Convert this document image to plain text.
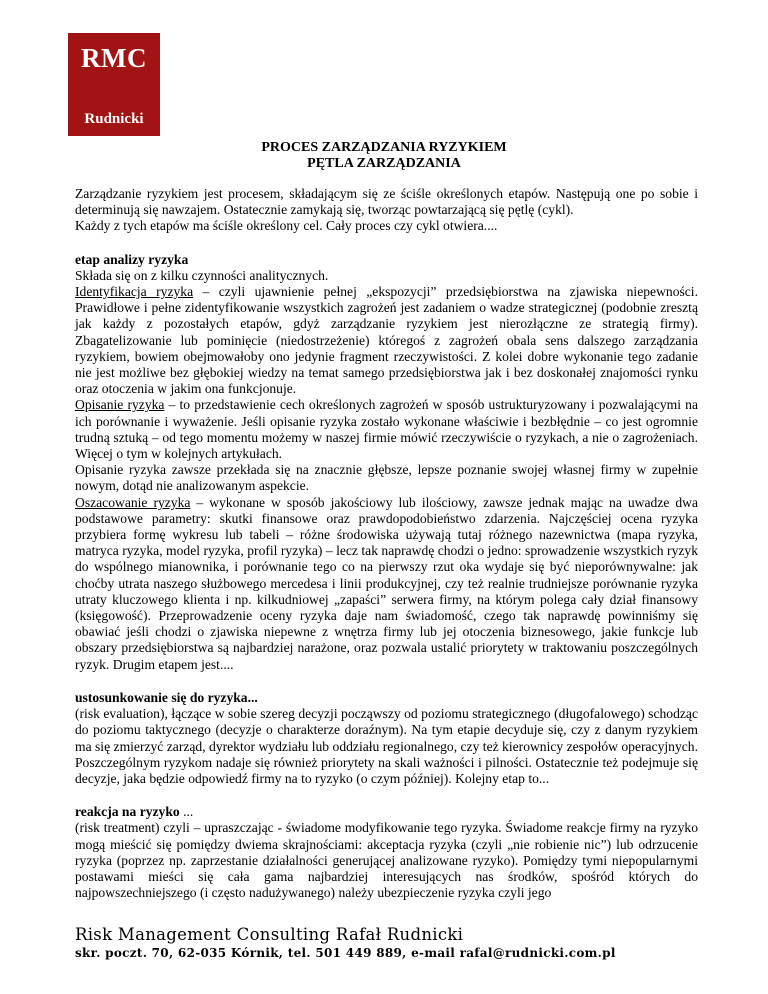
RMC
Rudnicki
PROCES ZARZĄDZANIA RYZYKIEM
PĘTLA ZARZĄDZANIA

Zarządzanie ryzykiem jest procesem, składającym się ze ściśle określonych etapów. Następują one po sobie i determinują się nawzajem. Ostatecznie zamykają się, tworząc powtarzającą się pętlę (cykl).

Każdy z tych etapów ma ściśle określony cel. Cały proces czy cykl otwiera....

etap analizy ryzyka

Składa się on z kilku czynności analitycznych.

Identyfikacja ryzyka – czyli ujawnienie pełnej „ekspozycji” przedsiębiorstwa na zjawiska niepewności. Prawidłowe i pełne zidentyfikowanie wszystkich zagrożeń jest zadaniem o wadze strategicznej (podobnie zresztą jak każdy z pozostałych etapów, gdyż zarządzanie ryzykiem jest nierozłączne ze strategią firmy). Zbagatelizowanie lub pominięcie (niedostrzeżenie) któregoś z zagrożeń obala sens dalszego zarządzania ryzykiem, bowiem obejmowałoby ono jedynie fragment rzeczywistości. Z kolei dobre wykonanie tego zadanie nie jest możliwe bez głębokiej wiedzy na temat samego przedsiębiorstwa jak i bez doskonałej znajomości rynku oraz otoczenia w jakim ona funkcjonuje.

Opisanie ryzyka – to przedstawienie cech określonych zagrożeń w sposób ustrukturyzowany i pozwalającymi na ich porównanie i wyważenie. Jeśli opisanie ryzyka zostało wykonane właściwie i bezbłędnie – co jest ogromnie trudną sztuką – od tego momentu możemy w naszej firmie mówić rzeczywiście o ryzykach, a nie o zagrożeniach. Więcej o tym w kolejnych artykułach.

Opisanie ryzyka zawsze przekłada się na znacznie głębsze, lepsze poznanie swojej własnej firmy w zupełnie nowym, dotąd nie analizowanym aspekcie.

Oszacowanie ryzyka – wykonane w sposób jakościowy lub ilościowy, zawsze jednak mając na uwadze dwa podstawowe parametry: skutki finansowe oraz prawdopodobieństwo zdarzenia. Najczęściej ocena ryzyka przybiera formę wykresu lub tabeli – różne środowiska używają tutaj różnego nazewnictwa (mapa ryzyka, matryca ryzyka, model ryzyka, profil ryzyka) – lecz tak naprawdę chodzi o jedno: sprowadzenie wszystkich ryzyk do wspólnego mianownika, i porównanie tego co na pierwszy rzut oka wydaje się być nieporównywalne: jak choćby utrata naszego służbowego mercedesa i linii produkcyjnej, czy też realnie trudniejsze porównanie ryzyka utraty kluczowego klienta i np. kilkudniowej „zapaści” serwera firmy, na którym polega cały dział finansowy (księgowość). Przeprowadzenie oceny ryzyka daje nam świadomość, czego tak naprawdę powinniśmy się obawiać jeśli chodzi o zjawiska niepewne z wnętrza firmy lub jej otoczenia biznesowego, jakie funkcje lub obszary przedsiębiorstwa są najbardziej narażone, oraz pozwala ustalić priorytety w traktowaniu poszczególnych ryzyk. Drugim etapem jest....

ustosunkowanie się do ryzyka...

(risk evaluation), łączące w sobie szereg decyzji począwszy od poziomu strategicznego (długofalowego) schodząc do poziomu taktycznego (decyzje o charakterze doraźnym). Na tym etapie decyduje się, czy z danym ryzykiem ma się zmierzyć zarząd, dyrektor wydziału lub oddziału regionalnego, czy też kierownicy zespołów operacyjnych. Poszczególnym ryzykom nadaje się również priorytety na skali ważności i pilności. Ostatecznie też podejmuje się decyzje, jaka będzie odpowiedź firmy na to ryzyko (o czym później). Kolejny etap to...

reakcja na ryzyko ...

(risk treatment) czyli – upraszczając - świadome modyfikowanie tego ryzyka. Świadome reakcje firmy na ryzyko mogą mieścić się pomiędzy dwiema skrajnościami: akceptacja ryzyka (czyli „nie robienie nic”) lub odrzucenie ryzyka (poprzez np. zaprzestanie działalności generującej analizowane ryzyko). Pomiędzy tymi niepopularnymi postawami mieści się cała gama najbardziej interesujących nas środków, spośród których do najpowszechniejszego (i często nadużywanego) należy ubezpieczenie ryzyka czyli jego

Risk Management Consulting Rafał Rudnicki
skr. poczt. 70, 62-035 Kórnik, tel. 501 449 889, e-mail rafal@rudnicki.com.pl
